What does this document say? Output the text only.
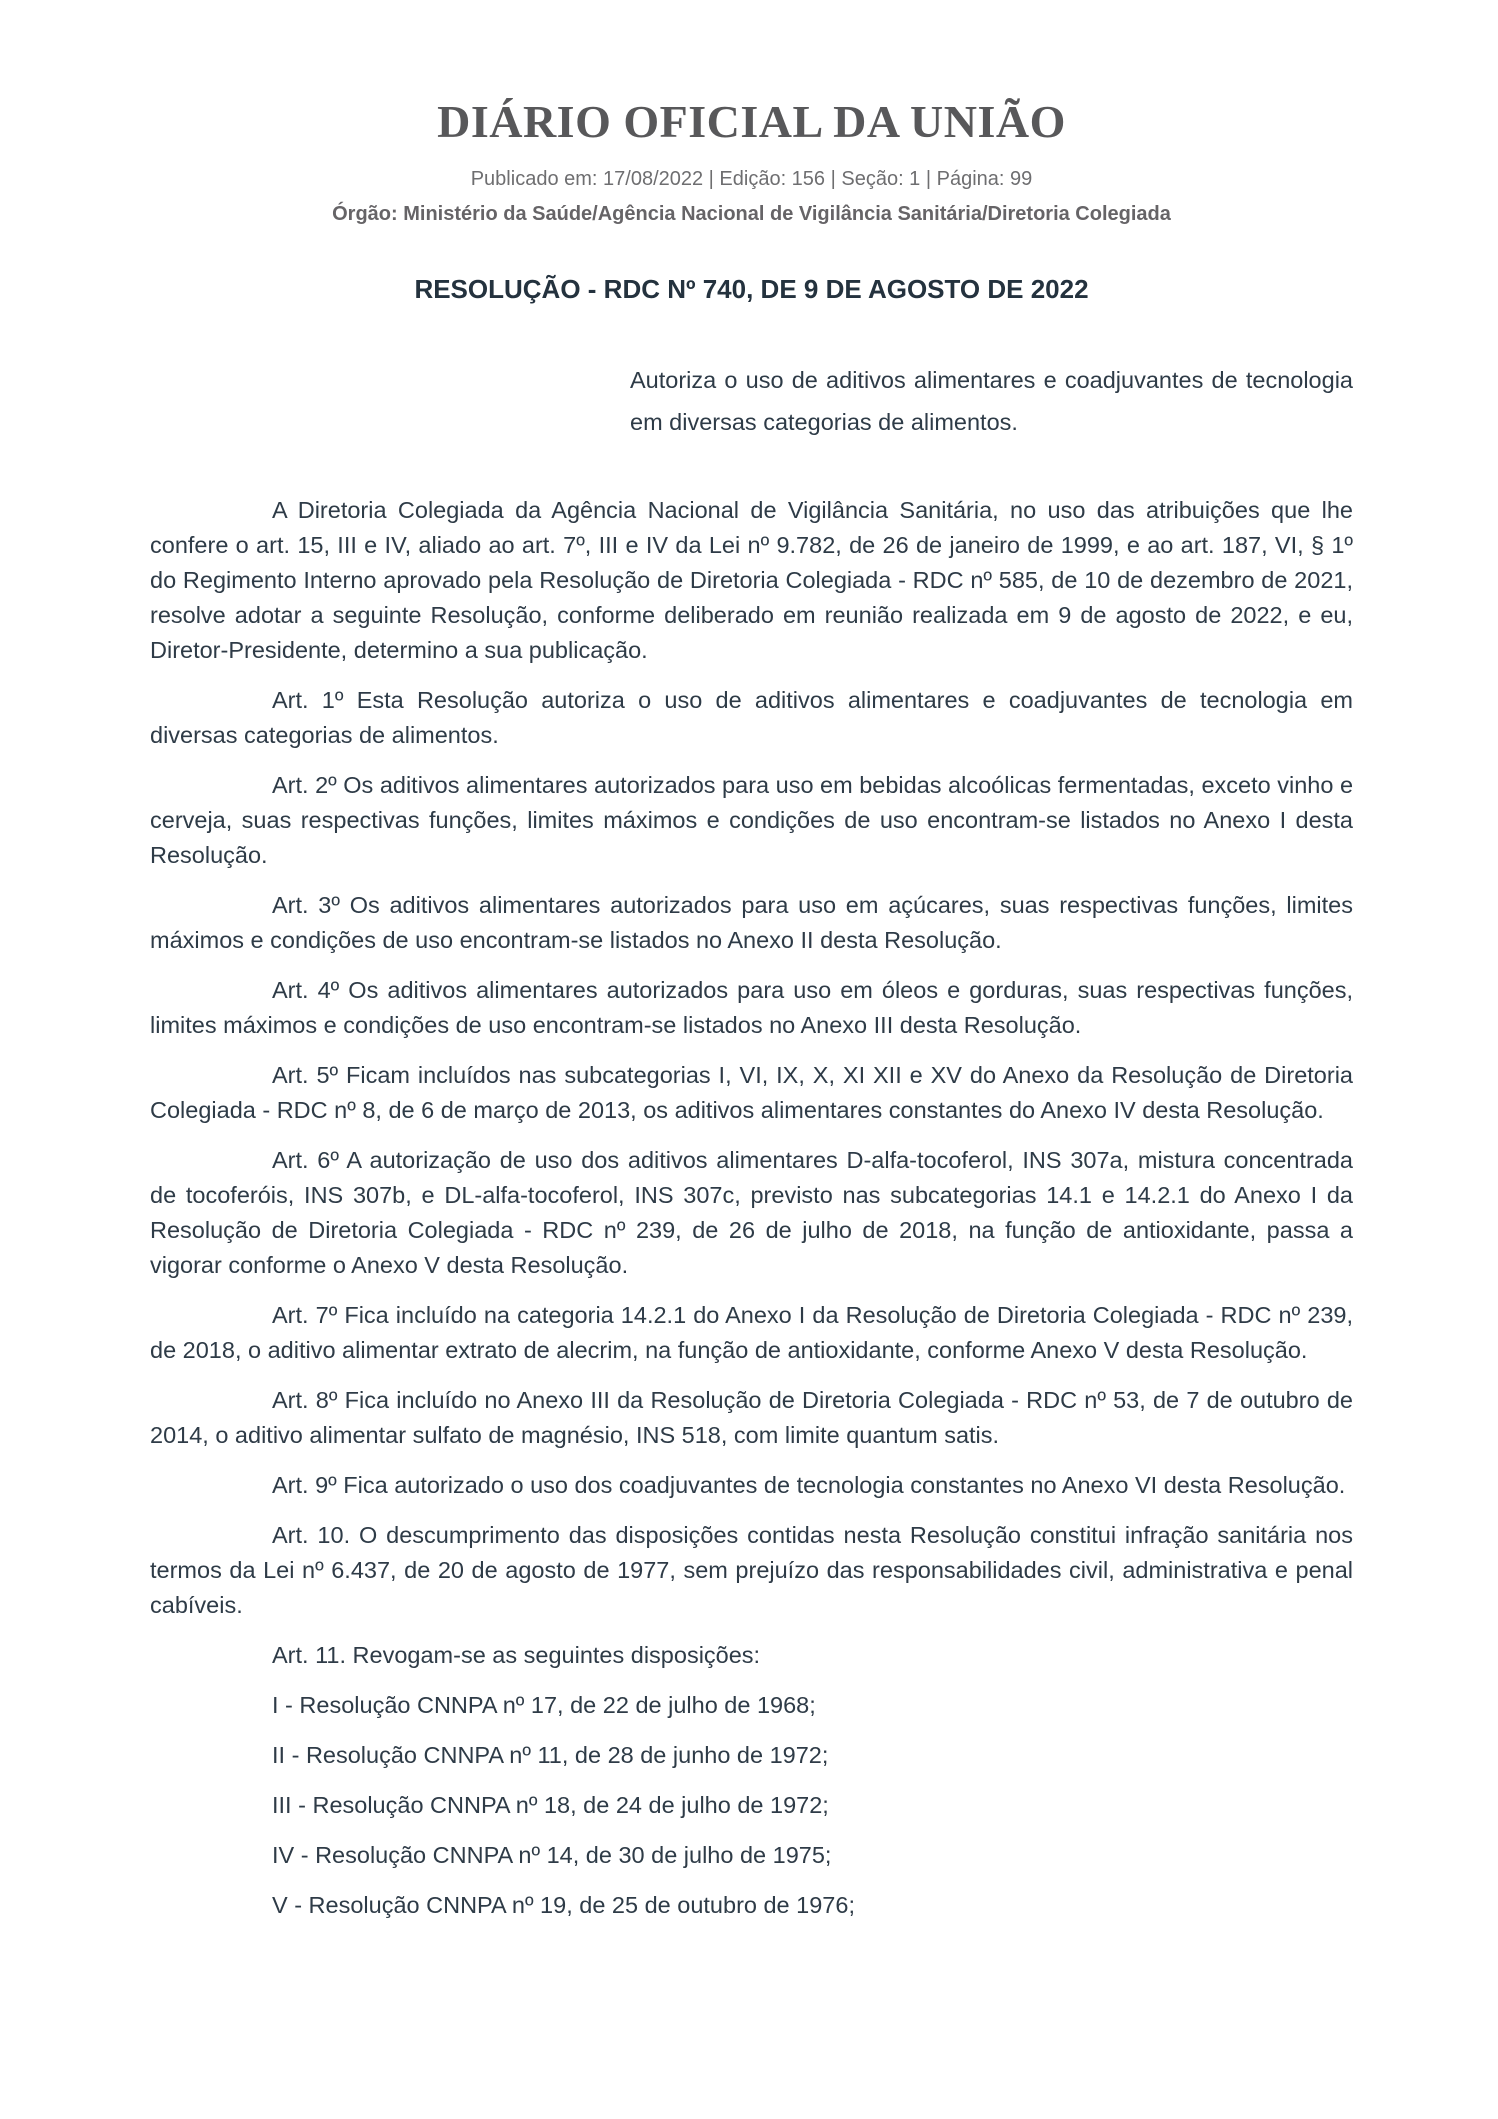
DIÁRIO OFICIAL DA UNIÃO
Publicado em: 17/08/2022 | Edição: 156 | Seção: 1 | Página: 99
Órgão: Ministério da Saúde/Agência Nacional de Vigilância Sanitária/Diretoria Colegiada
RESOLUÇÃO - RDC Nº 740, DE 9 DE AGOSTO DE 2022
Autoriza o uso de aditivos alimentares e coadjuvantes de tecnologia em diversas categorias de alimentos.

A Diretoria Colegiada da Agência Nacional de Vigilância Sanitária, no uso das atribuições que lhe confere o art. 15, III e IV, aliado ao art. 7º, III e IV da Lei nº 9.782, de 26 de janeiro de 1999, e ao art. 187, VI, § 1º do Regimento Interno aprovado pela Resolução de Diretoria Colegiada - RDC nº 585, de 10 de dezembro de 2021, resolve adotar a seguinte Resolução, conforme deliberado em reunião realizada em 9 de agosto de 2022, e eu, Diretor-Presidente, determino a sua publicação.

Art. 1º Esta Resolução autoriza o uso de aditivos alimentares e coadjuvantes de tecnologia em diversas categorias de alimentos.

Art. 2º Os aditivos alimentares autorizados para uso em bebidas alcoólicas fermentadas, exceto vinho e cerveja, suas respectivas funções, limites máximos e condições de uso encontram-se listados no Anexo I desta Resolução.

Art. 3º Os aditivos alimentares autorizados para uso em açúcares, suas respectivas funções, limites máximos e condições de uso encontram-se listados no Anexo II desta Resolução.

Art. 4º Os aditivos alimentares autorizados para uso em óleos e gorduras, suas respectivas funções, limites máximos e condições de uso encontram-se listados no Anexo III desta Resolução.

Art. 5º Ficam incluídos nas subcategorias I, VI, IX, X, XI XII e XV do Anexo da Resolução de Diretoria Colegiada - RDC nº 8, de 6 de março de 2013, os aditivos alimentares constantes do Anexo IV desta Resolução.

Art. 6º A autorização de uso dos aditivos alimentares D-alfa-tocoferol, INS 307a, mistura concentrada de tocoferóis, INS 307b, e DL-alfa-tocoferol, INS 307c, previsto nas subcategorias 14.1 e 14.2.1 do Anexo I da Resolução de Diretoria Colegiada - RDC nº 239, de 26 de julho de 2018, na função de antioxidante, passa a vigorar conforme o Anexo V desta Resolução.

Art. 7º Fica incluído na categoria 14.2.1 do Anexo I da Resolução de Diretoria Colegiada - RDC nº 239, de 2018, o aditivo alimentar extrato de alecrim, na função de antioxidante, conforme Anexo V desta Resolução.

Art. 8º Fica incluído no Anexo III da Resolução de Diretoria Colegiada - RDC nº 53, de 7 de outubro de 2014, o aditivo alimentar sulfato de magnésio, INS 518, com limite quantum satis.

Art. 9º Fica autorizado o uso dos coadjuvantes de tecnologia constantes no Anexo VI desta Resolução.

Art. 10. O descumprimento das disposições contidas nesta Resolução constitui infração sanitária nos termos da Lei nº 6.437, de 20 de agosto de 1977, sem prejuízo das responsabilidades civil, administrativa e penal cabíveis.

Art. 11. Revogam-se as seguintes disposições:

I - Resolução CNNPA nº 17, de 22 de julho de 1968;

II - Resolução CNNPA nº 11, de 28 de junho de 1972;

III - Resolução CNNPA nº 18, de 24 de julho de 1972;

IV - Resolução CNNPA nº 14, de 30 de julho de 1975;

V - Resolução CNNPA nº 19, de 25 de outubro de 1976;
